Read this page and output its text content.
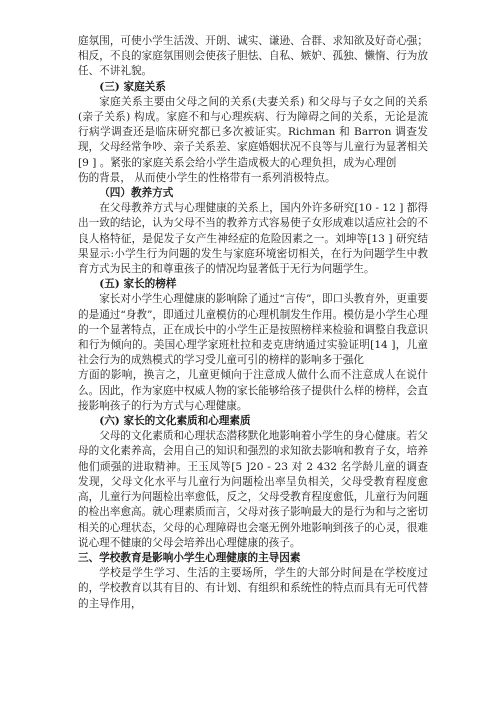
庭氛围，可使小学生活泼、开朗、诚实、谦逊、合群、求知欲及好奇心强；相反，不良的家庭氛围则会使孩子胆怯、自私、嫉妒、孤独、懒惰、行为放任、不讲礼貌。

(三) 家庭关系

家庭关系主要由父母之间的关系(夫妻关系) 和父母与子女之间的关系(亲子关系) 构成。家庭不和与心理疾病、行为障碍之间的关系，无论是流行病学调查还是临床研究都已多次被证实。Richman 和 Barron 调查发现，父母经常争吵、亲子关系差、家庭婚姻状况不良等与儿童行为显著相关[9 ] 。紧张的家庭关系会给小学生造成极大的心理负担，成为心理创

伤的背景， 从而使小学生的性格带有一系列消极特点。

（四）教养方式

在父母教养方式与心理健康的关系上，国内外许多研究[10 - 12 ] 都得出一致的结论，认为父母不当的教养方式容易使子女形成难以适应社会的不良人格特征，是促发子女产生神经症的危险因素之一。刘坤等[13 ] 研究结果显示:小学生行为问题的发生与家庭环境密切相关，在行为问题学生中教育方式为民主的和尊重孩子的情况均显著低于无行为问题学生。

(五) 家长的榜样

家长对小学生心理健康的影响除了通过“言传”，即口头教育外，更重要的是通过“身教”，即通过儿童模仿的心理机制发生作用。模仿是小学生心理的一个显著特点，正在成长中的小学生正是按照榜样来检验和调整自我意识和行为倾向的。美国心理学家班杜拉和麦克唐纳通过实验证明[14 ]，儿童社会行为的成熟模式的学习受儿童可引的榜样的影响多于强化

方面的影响，换言之，儿童更倾向于注意成人做什么而不注意成人在说什么。因此，作为家庭中权威人物的家长能够给孩子提供什么样的榜样，会直接影响孩子的行为方式与心理健康。

(六) 家长的文化素质和心理素质

父母的文化素质和心理状态潜移默化地影响着小学生的身心健康。若父母的文化素养高，会用自己的知识和强烈的求知欲去影响和教育子女，培养他们顽强的进取精神。王玉凤等[5 ]20 - 23 对 2 432 名学龄儿童的调查发现，父母文化水平与儿童行为问题检出率呈负相关，父母受教育程度愈高，儿童行为问题检出率愈低，反之，父母受教育程度愈低，儿童行为问题的检出率愈高。就心理素质而言，父母对孩子影响最大的是行为和与之密切相关的心理状态，父母的心理障碍也会毫无例外地影响到孩子的心灵，很难说心理不健康的父母会培养出心理健康的孩子。

三、学校教育是影响小学生心理健康的主导因素

学校是学生学习、生活的主要场所，学生的大部分时间是在学校度过的，学校教育以其有目的、有计划、有组织和系统性的特点而具有无可代替的主导作用，
